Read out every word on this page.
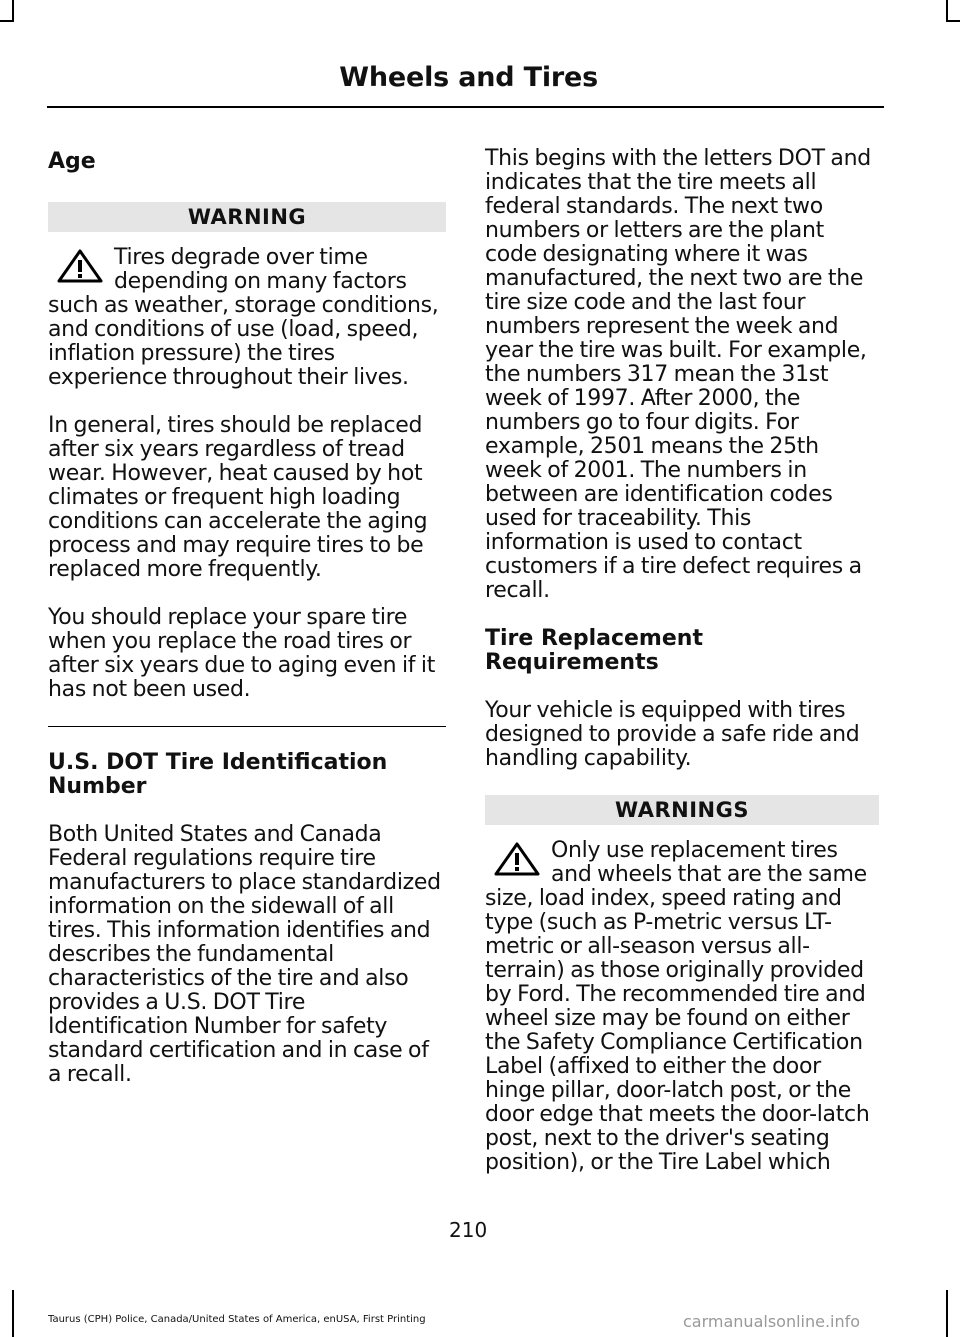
Wheels and Tires
Age
WARNING
Tires degrade over time depending on many factors such as weather, storage conditions, and conditions of use (load, speed, inflation pressure) the tires experience throughout their lives.
In general, tires should be replaced after six years regardless of tread wear. However, heat caused by hot climates or frequent high loading conditions can accelerate the aging process and may require tires to be replaced more frequently.
You should replace your spare tire when you replace the road tires or after six years due to aging even if it has not been used.
U.S. DOT Tire Identification Number
Both United States and Canada Federal regulations require tire manufacturers to place standardized information on the sidewall of all tires. This information identifies and describes the fundamental characteristics of the tire and also provides a U.S. DOT Tire Identification Number for safety standard certification and in case of a recall.
This begins with the letters DOT and indicates that the tire meets all federal standards. The next two numbers or letters are the plant code designating where it was manufactured, the next two are the tire size code and the last four numbers represent the week and year the tire was built. For example, the numbers 317 mean the 31st week of 1997. After 2000, the numbers go to four digits. For example, 2501 means the 25th week of 2001. The numbers in between are identification codes used for traceability. This information is used to contact customers if a tire defect requires a recall.
Tire Replacement Requirements
Your vehicle is equipped with tires designed to provide a safe ride and handling capability.
WARNINGS
Only use replacement tires and wheels that are the same size, load index, speed rating and type (such as P-metric versus LT-metric or all-season versus all-terrain) as those originally provided by Ford. The recommended tire and wheel size may be found on either the Safety Compliance Certification Label (affixed to either the door hinge pillar, door-latch post, or the door edge that meets the door-latch post, next to the driver's seating position), or the Tire Label which
210
Taurus (CPH) Police, Canada/United States of America, enUSA, First Printing	carmanualsonline.info
